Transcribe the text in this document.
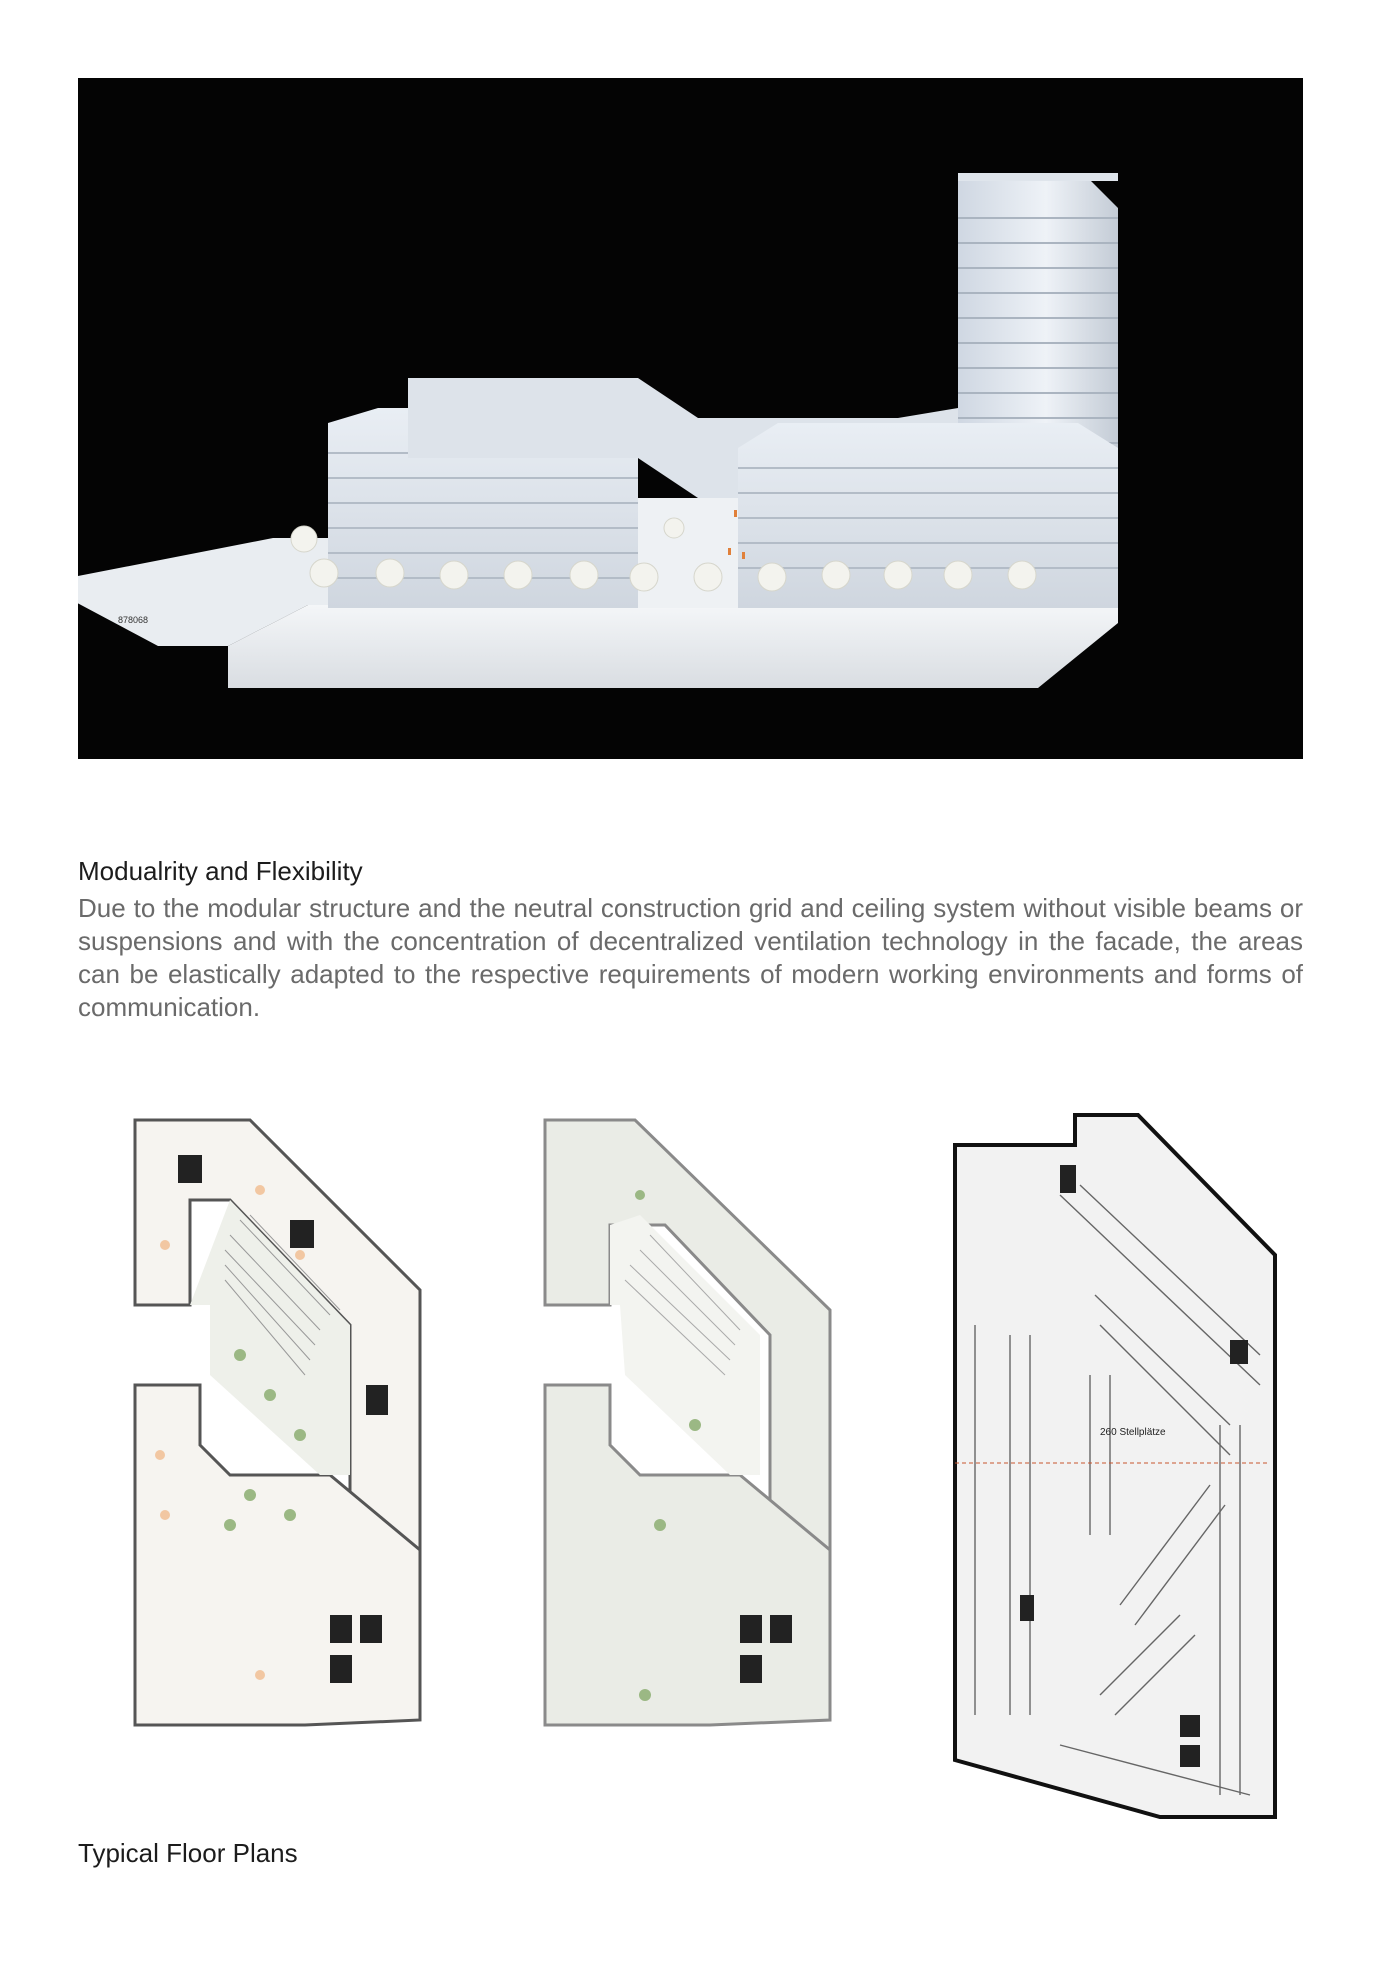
878068

Modualrity and Flexibility

Due to the modular structure and the neutral construction grid and ceiling system without visible beams or suspensions and with the concentration of decentralized ventilation technology in the facade, the areas can be elastically adapted to the respective requirements of modern working environments and forms of communication.

260 Stellplätze

Typical Floor Plans
